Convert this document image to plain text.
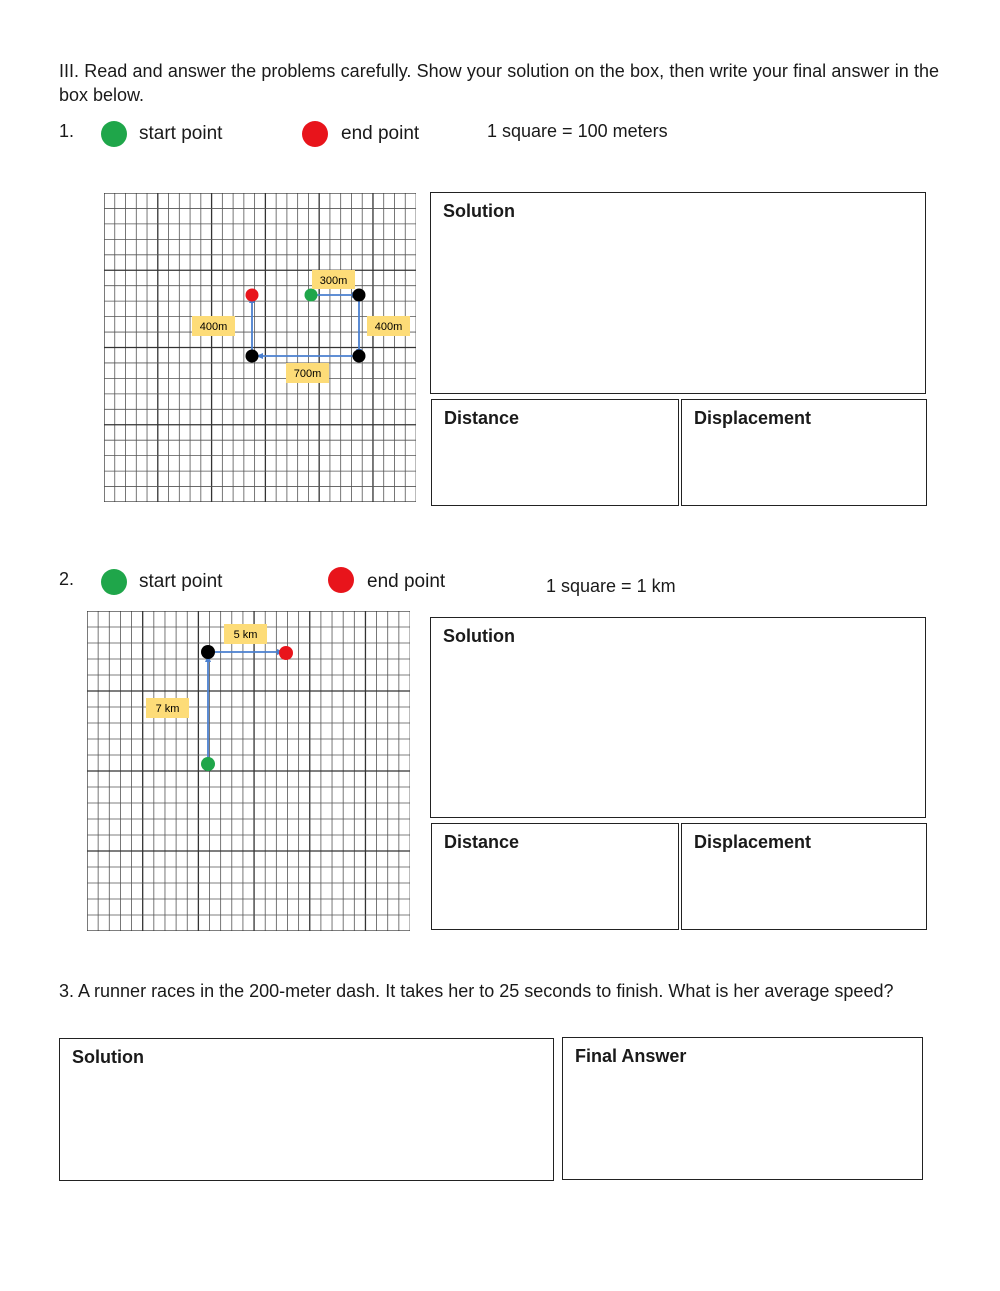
III. Read and answer the problems carefully. Show your solution on the box, then write your final answer in the box below.
1.	start point	end point	1 square = 100 meters
300m
400m
400m
700m
Solution
Distance	Displacement
2.	start point	end point	1 square = 1 km
5 km
7 km
Solution
Distance	Displacement
3. A runner races in the 200-meter dash. It takes her to 25 seconds to finish. What is her average speed?
Solution	Final Answer
